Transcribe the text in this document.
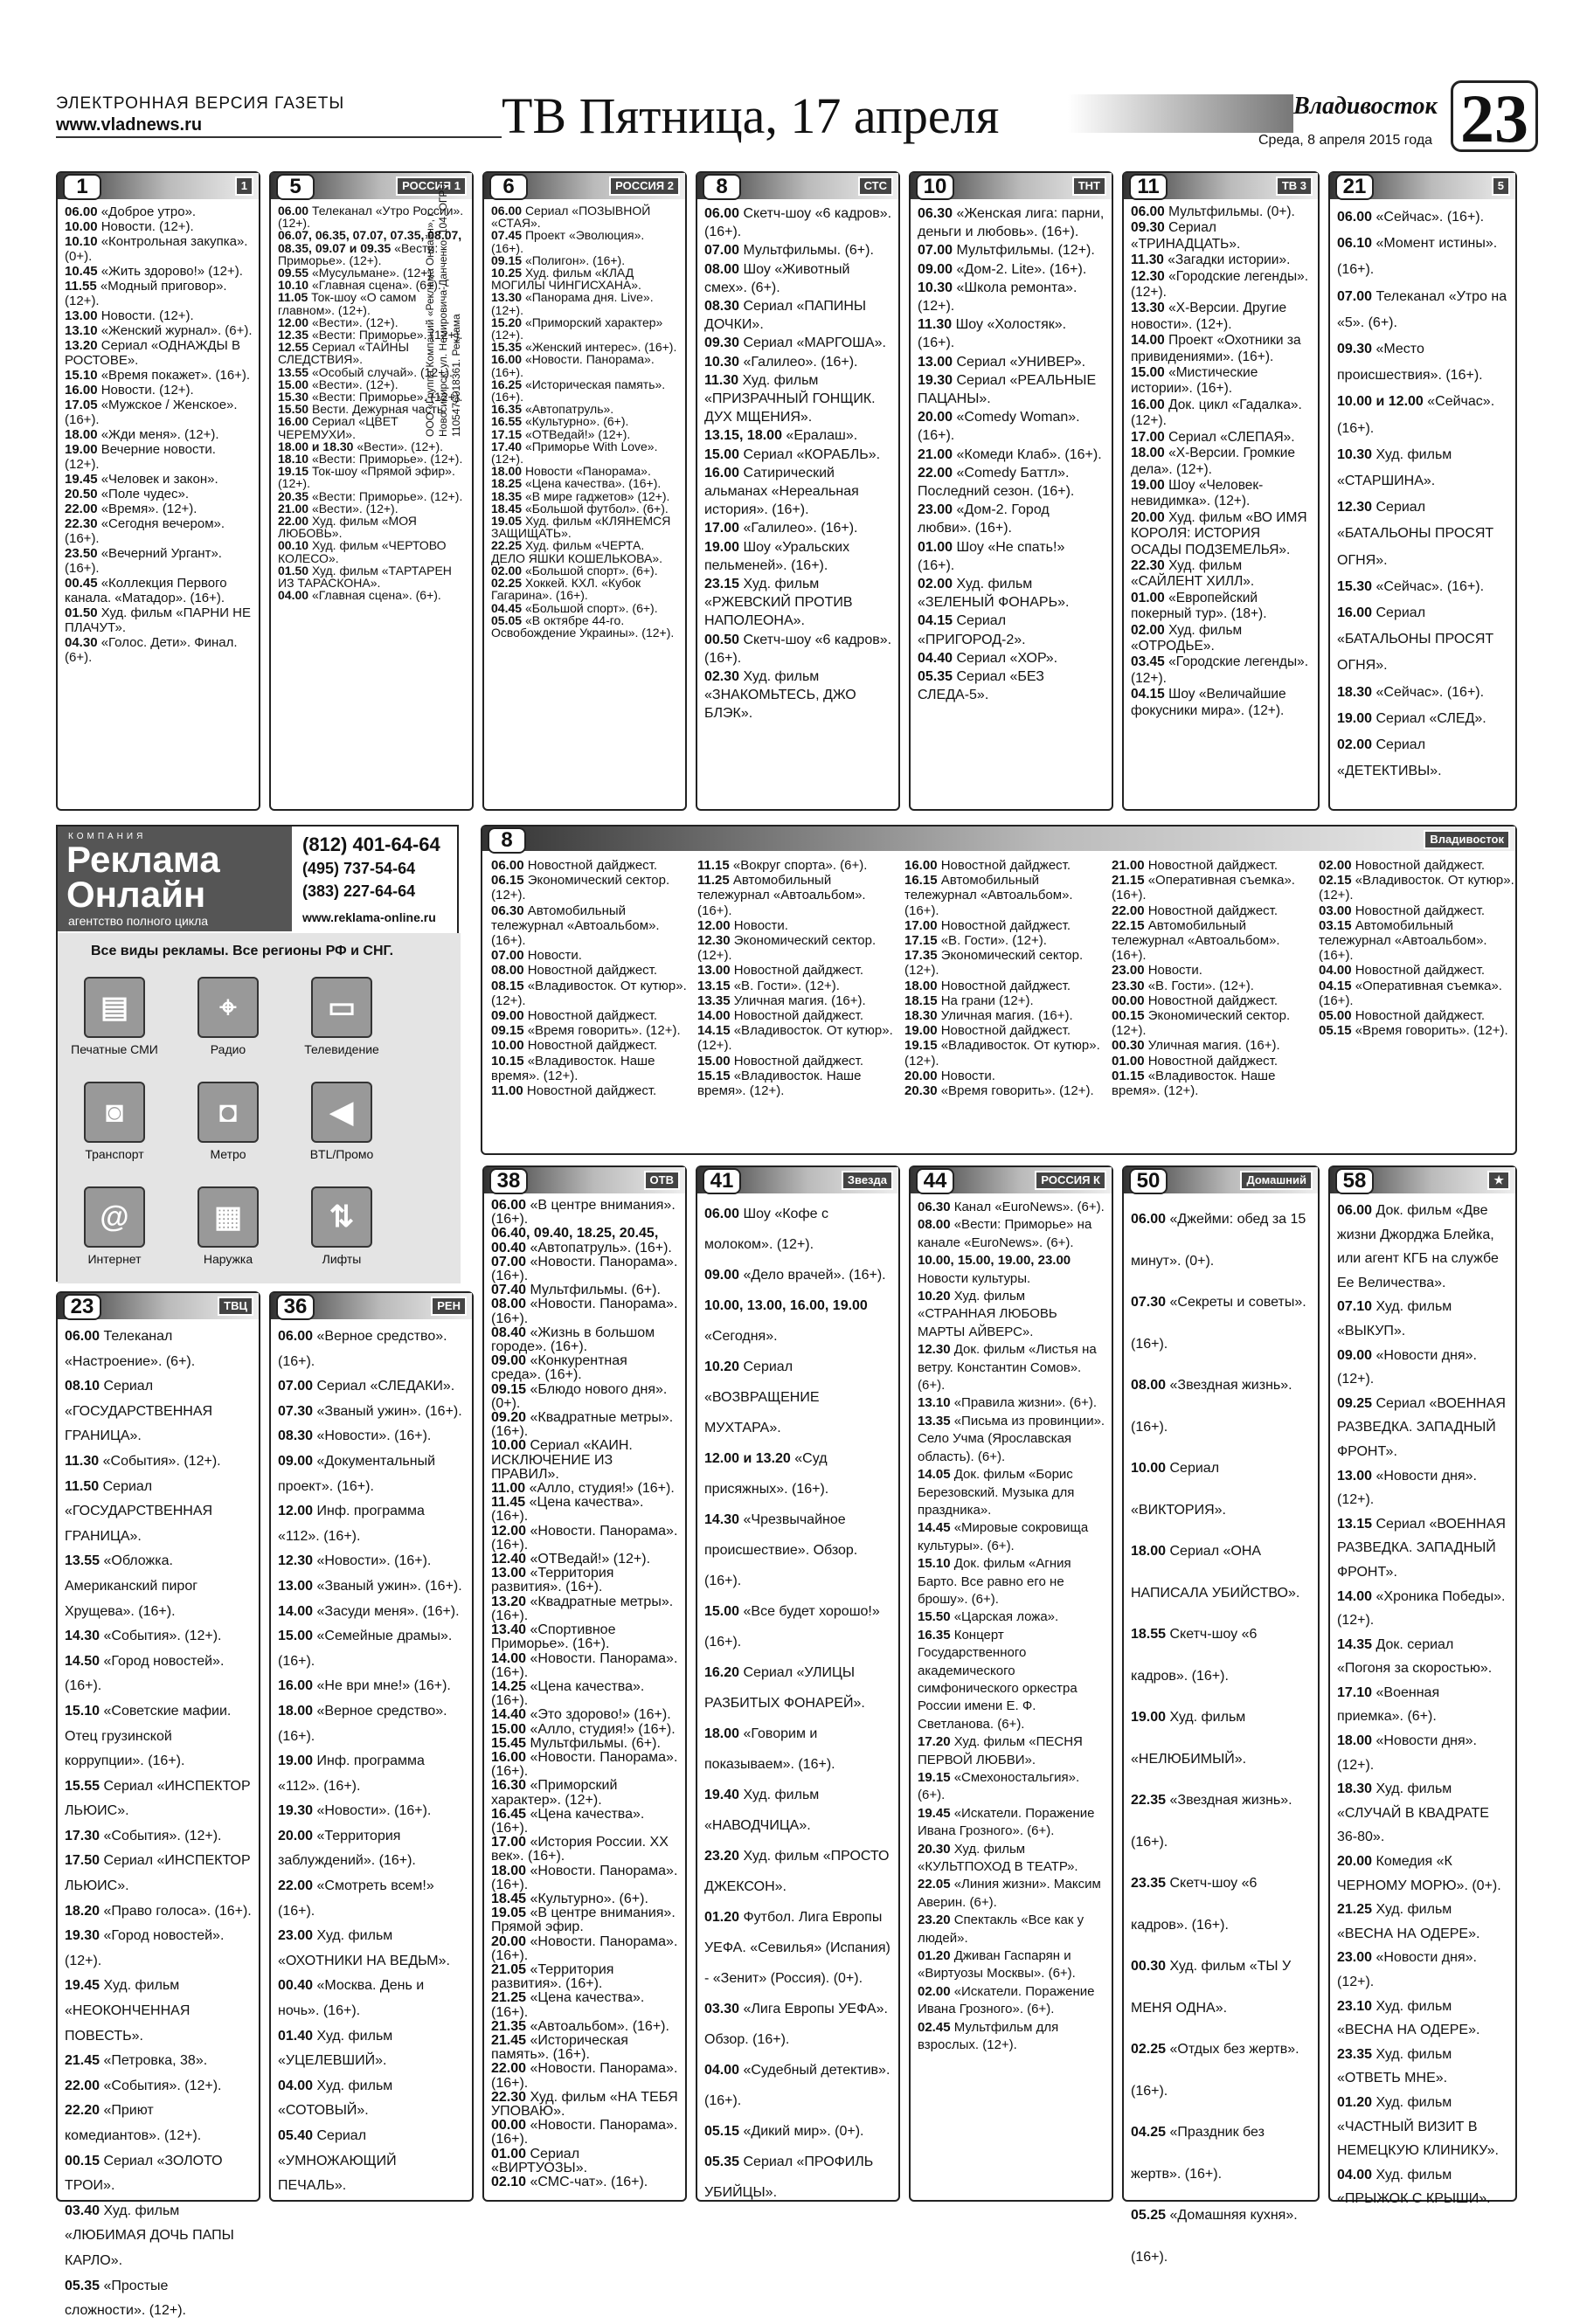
ЭЛЕКТРОННАЯ ВЕРСИЯ ГАЗЕТЫ
www.vladnews.ru	ТВ Пятница, 17 апреля	Владивосток
Среда, 8 апреля 2015 года 23
1	1

06.00 «Доброе утро».

10.00 Новости. (12+).

10.10 «Контрольная закупка». (0+).

10.45 «Жить здорово!» (12+).

11.55 «Модный приговор». (12+).

13.00 Новости. (12+).

13.10 «Женский журнал». (6+).

13.20 Сериал «ОДНАЖДЫ В РОСТОВЕ».

15.10 «Время покажет». (16+).

16.00 Новости. (12+).

17.05 «Мужское / Женское». (16+).

18.00 «Жди меня». (12+).

19.00 Вечерние новости. (12+).

19.45 «Человек и закон».

20.50 «Поле чудес».

22.00 «Время». (12+).

22.30 «Сегодня вечером». (16+).

23.50 «Вечерний Ургант». (16+).

00.45 «Коллекция Первого канала. «Матадор». (16+).

01.50 Худ. фильм «ПАРНИ НЕ ПЛАЧУТ».

04.30 «Голос. Дети». Финал. (6+).

5	РОССИЯ 1

06.00 Телеканал «Утро России». (12+).

06.07, 06.35, 07.07, 07.35, 08.07, 08.35, 09.07 и 09.35 «Вести: Приморье». (12+).

09.55 «Мусульмане». (12+).

10.10 «Главная сцена». (6+).

11.05 Ток-шоу «О самом главном». (12+).

12.00 «Вести». (12+).

12.35 «Вести: Приморье». (12+).

12.55 Сериал «ТАЙНЫ СЛЕДСТВИЯ».

13.55 «Особый случай». (12+).

15.00 «Вести». (12+).

15.30 «Вести: Приморье». (12+).

15.50 Вести. Дежурная часть.

16.00 Сериал «ЦВЕТ ЧЕРЕМУХИ».

18.00 и 18.30 «Вести». (12+).

18.10 «Вести: Приморье». (12+).

19.15 Ток-шоу «Прямой эфир». (12+).

20.35 «Вести: Приморье». (12+).

21.00 «Вести». (12+).

22.00 Худ. фильм «МОЯ ЛЮБОВЬ».

00.10 Худ. фильм «ЧЕРТОВО КОЛЕСО».

01.50 Худ. фильм «ТАРТАРЕН ИЗ ТАРАСКОНА».

04.00 «Главная сцена». (6+).

6	РОССИЯ 2

06.00 Сериал «ПОЗЫВНОЙ «СТАЯ».

07.45 Проект «Эволюция». (16+).

09.15 «Полигон». (16+).

10.25 Худ. фильм «КЛАД МОГИЛЫ ЧИНГИСХАНА».

13.30 «Панорама дня. Live». (12+).

15.20 «Приморский характер» (12+).

15.35 «Женский интерес». (16+).

16.00 «Новости. Панорама». (16+).

16.25 «Историческая память». (16+).

16.35 «Автопатруль».

16.55 «Культурно». (6+).

17.15 «ОТВедай!» (12+).

17.40 «Приморье With Love». (12+).

18.00 Новости «Панорама».

18.25 «Цена качества». (16+).

18.35 «В мире гаджетов» (12+).

18.45 «Большой футбол». (6+).

19.05 Худ. фильм «КЛЯНЕМСЯ ЗАЩИЩАТЬ».

22.25 Худ. фильм «ЧЕРТА. ДЕЛО ЯШКИ КОШЕЛЬКОВА».

02.00 «Большой спорт». (6+).

02.25 Хоккей. КХЛ. «Кубок Гагарина». (16+).

04.45 «Большой спорт». (6+).

05.05 «В октябре 44-го. Освобождение Украины». (12+).

8	СТС

06.00 Скетч-шоу «6 кадров». (16+).

07.00 Мультфильмы. (6+).

08.00 Шоу «Животный смех». (6+).

08.30 Сериал «ПАПИНЫ ДОЧКИ».

09.30 Сериал «МАРГОША».

10.30 «Галилео». (16+).

11.30 Худ. фильм «ПРИЗРАЧНЫЙ ГОНЩИК. ДУХ МЩЕНИЯ».

13.15, 18.00 «Ералаш».

15.00 Сериал «КОРАБЛЬ».

16.00 Сатирический альманах «Нереальная история». (16+).

17.00 «Галилео». (16+).

19.00 Шоу «Уральских пельменей». (16+).

23.15 Худ. фильм «РЖЕВСКИЙ ПРОТИВ НАПОЛЕОНА».

00.50 Скетч-шоу «6 кадров». (16+).

02.30 Худ. фильм «ЗНАКОМЬТЕСЬ, ДЖО БЛЭК».

10	ТНТ

06.30 «Женская лига: парни, деньги и любовь». (16+).

07.00 Мультфильмы. (12+).

09.00 «Дом-2. Lite». (16+).

10.30 «Школа ремонта». (12+).

11.30 Шоу «Холостяк». (16+).

13.00 Сериал «УНИВЕР».

19.30 Сериал «РЕАЛЬНЫЕ ПАЦАНЫ».

20.00 «Comedy Woman». (16+).

21.00 «Комеди Клаб». (16+).

22.00 «Comedy Баттл». Последний сезон. (16+).

23.00 «Дом-2. Город любви». (16+).

01.00 Шоу «Не спать!» (16+).

02.00 Худ. фильм «ЗЕЛЕНЫЙ ФОНАРЬ».

04.15 Сериал «ПРИГОРОД-2».

04.40 Сериал «ХОР».

05.35 Сериал «БЕЗ СЛЕДА-5».

11	ТВ 3

06.00 Мультфильмы. (0+).

09.30 Сериал «ТРИНАДЦАТЬ».

11.30 «Загадки истории».

12.30 «Городские легенды». (12+).

13.30 «Х-Версии. Другие новости». (12+).

14.00 Проект «Охотники за привидениями». (16+).

15.00 «Мистические истории». (16+).

16.00 Док. цикл «Гадалка». (12+).

17.00 Сериал «СЛЕПАЯ».

18.00 «Х-Версии. Громкие дела». (12+).

19.00 Шоу «Человек-невидимка». (12+).

20.00 Худ. фильм «ВО ИМЯ КОРОЛЯ: ИСТОРИЯ ОСАДЫ ПОДЗЕМЕЛЬЯ».

22.30 Худ. фильм «САЙЛЕНТ ХИЛЛ».

01.00 «Европейский покерный тур». (18+).

02.00 Худ. фильм «ОТРОДЬЕ».

03.45 «Городские легенды». (12+).

04.15 Шоу «Величайшие фокусники мира». (12+).

21	5

06.00 «Сейчас». (16+).

06.10 «Момент истины». (16+).

07.00 Телеканал «Утро на «5». (6+).

09.30 «Место происшествия». (16+).

10.00 и 12.00 «Сейчас». (16+).

10.30 Худ. фильм «СТАРШИНА».

12.30 Сериал «БАТАЛЬОНЫ ПРОСЯТ ОГНЯ».

15.30 «Сейчас». (16+).

16.00 Сериал «БАТАЛЬОНЫ ПРОСЯТ ОГНЯ».

18.30 «Сейчас». (16+).

19.00 Сериал «СЛЕД».

02.00 Сериал «ДЕТЕКТИВЫ».

КОМПАНИЯ
Реклама Онлайн
агентство полного цикла
(812) 401-64-64
(495) 737-54-64
(383) 227-64-64
www.reklama-online.ru
Все виды рекламы. Все регионы РФ и СНГ.
▤
Печатные СМИ
⌖
Радио
▭
Телевидение
◙
Транспорт
◘
Метро
◀
BTL/Промо
@
Интернет
▦
Наружка
⇅
Лифты
ООО «Группа Компаний «Реклама Онлайн», г. Новосибирск, ул. Немировича-Данченко, 104, ОГРН 1105476018361. Реклама
8	Владивосток

06.00 Новостной дайджест.

06.15 Экономический сектор. (12+).

06.30 Автомобильный тележурнал «Автоальбом». (16+).

07.00 Новости.

08.00 Новостной дайджест.

08.15 «Владивосток. От кутюр». (12+).

09.00 Новостной дайджест.

09.15 «Время говорить». (12+).

10.00 Новостной дайджест.

10.15 «Владивосток. Наше время». (12+).

11.00 Новостной дайджест.

11.15 «Вокруг спорта». (6+).

11.25 Автомобильный тележурнал «Автоальбом». (16+).

12.00 Новости.

12.30 Экономический сектор. (12+).

13.00 Новостной дайджест.

13.15 «В. Гости». (12+).

13.35 Уличная магия. (16+).

14.00 Новостной дайджест.

14.15 «Владивосток. От кутюр». (12+).

15.00 Новостной дайджест.

15.15 «Владивосток. Наше время». (12+).

16.00 Новостной дайджест.

16.15 Автомобильный тележурнал «Автоальбом». (16+).

17.00 Новостной дайджест.

17.15 «В. Гости». (12+).

17.35 Экономический сектор. (12+).

18.00 Новостной дайджест.

18.15 На грани (12+).

18.30 Уличная магия. (16+).

19.00 Новостной дайджест.

19.15 «Владивосток. От кутюр». (12+).

20.00 Новости.

20.30 «Время говорить». (12+).

21.00 Новостной дайджест.

21.15 «Оперативная съемка». (16+).

22.00 Новостной дайджест.

22.15 Автомобильный тележурнал «Автоальбом». (16+).

23.00 Новости.

23.30 «В. Гости». (12+).

00.00 Новостной дайджест.

00.15 Экономический сектор. (12+).

00.30 Уличная магия. (16+).

01.00 Новостной дайджест.

01.15 «Владивосток. Наше время». (12+).

02.00 Новостной дайджест.

02.15 «Владивосток. От кутюр». (12+).

03.00 Новостной дайджест.

03.15 Автомобильный тележурнал «Автоальбом». (16+).

04.00 Новостной дайджест.

04.15 «Оперативная съемка». (16+).

05.00 Новостной дайджест.

05.15 «Время говорить». (12+).

38	ОТВ

06.00 «В центре внимания». (16+).

06.40, 09.40, 18.25, 20.45, 00.40 «Автопатруль». (16+).

07.00 «Новости. Панорама». (16+).

07.40 Мультфильмы. (6+).

08.00 «Новости. Панорама». (16+).

08.40 «Жизнь в большом городе». (16+).

09.00 «Конкурентная среда». (16+).

09.15 «Блюдо нового дня». (0+).

09.20 «Квадратные метры». (16+).

10.00 Сериал «КАИН. ИСКЛЮЧЕНИЕ ИЗ ПРАВИЛ».

11.00 «Алло, студия!» (16+).

11.45 «Цена качества». (16+).

12.00 «Новости. Панорама». (16+).

12.40 «ОТВедай!» (12+).

13.00 «Территория развития». (16+).

13.20 «Квадратные метры». (16+).

13.40 «Спортивное Приморье». (16+).

14.00 «Новости. Панорама». (16+).

14.25 «Цена качества». (16+).

14.40 «Это здорово!» (16+).

15.00 «Алло, студия!» (16+).

15.45 Мультфильмы. (6+).

16.00 «Новости. Панорама». (16+).

16.30 «Приморский характер». (12+).

16.45 «Цена качества». (16+).

17.00 «История России. XX век». (16+).

18.00 «Новости. Панорама». (16+).

18.45 «Культурно». (6+).

19.05 «В центре внимания». Прямой эфир.

20.00 «Новости. Панорама». (16+).

21.05 «Территория развития». (16+).

21.25 «Цена качества». (16+).

21.35 «Автоальбом». (16+).

21.45 «Историческая память». (16+).

22.00 «Новости. Панорама». (16+).

22.30 Худ. фильм «НА ТЕБЯ УПОВАЮ».

00.00 «Новости. Панорама». (16+).

01.00 Сериал «ВИРТУОЗЫ».

02.10 «СМС-чат». (16+).

41	Звезда

06.00 Шоу «Кофе с молоком». (12+).

09.00 «Дело врачей». (16+).

10.00, 13.00, 16.00, 19.00 «Сегодня».

10.20 Сериал «ВОЗВРАЩЕНИЕ МУХТАРА».

12.00 и 13.20 «Суд присяжных». (16+).

14.30 «Чрезвычайное происшествие». Обзор. (16+).

15.00 «Все будет хорошо!» (16+).

16.20 Сериал «УЛИЦЫ РАЗБИТЫХ ФОНАРЕЙ».

18.00 «Говорим и показываем». (16+).

19.40 Худ. фильм «НАВОДЧИЦА».

23.20 Худ. фильм «ПРОСТО ДЖЕКСОН».

01.20 Футбол. Лига Европы УЕФА. «Севилья» (Испания) - «Зенит» (Россия). (0+).

03.30 «Лига Европы УЕФА». Обзор. (16+).

04.00 «Судебный детектив». (16+).

05.15 «Дикий мир». (0+).

05.35 Сериал «ПРОФИЛЬ УБИЙЦЫ».

44	РОССИЯ К

06.30 Канал «EuroNews». (6+).

08.00 «Вести: Приморье» на канале «EuroNews». (6+).

10.00, 15.00, 19.00, 23.00 Новости культуры.

10.20 Худ. фильм «СТРАННАЯ ЛЮБОВЬ МАРТЫ АЙВЕРС».

12.30 Док. фильм «Листья на ветру. Константин Сомов». (6+).

13.10 «Правила жизни». (6+).

13.35 «Письма из провинции». Село Учма (Ярославская область). (6+).

14.05 Док. фильм «Борис Березовский. Музыка для праздника».

14.45 «Мировые сокровища культуры». (6+).

15.10 Док. фильм «Агния Барто. Все равно его не брошу». (6+).

15.50 «Царская ложа».

16.35 Концерт Государственного академического симфонического оркестра России имени Е. Ф. Светланова. (6+).

17.20 Худ. фильм «ПЕСНЯ ПЕРВОЙ ЛЮБВИ».

19.15 «Смехоностальгия». (6+).

19.45 «Искатели. Поражение Ивана Грозного». (6+).

20.30 Худ. фильм «КУЛЬТПОХОД В ТЕАТР».

22.05 «Линия жизни». Максим Аверин. (6+).

23.20 Спектакль «Все как у людей».

01.20 Дживан Гаспарян и «Виртуозы Москвы». (6+).

02.00 «Искатели. Поражение Ивана Грозного». (6+).

02.45 Мультфильм для взрослых. (12+).

50	Домашний

06.00 «Джейми: обед за 15 минут». (0+).

07.30 «Секреты и советы». (16+).

08.00 «Звездная жизнь». (16+).

10.00 Сериал «ВИКТОРИЯ».

18.00 Сериал «ОНА НАПИСАЛА УБИЙСТВО».

18.55 Скетч-шоу «6 кадров». (16+).

19.00 Худ. фильм «НЕЛЮБИМЫЙ».

22.35 «Звездная жизнь». (16+).

23.35 Скетч-шоу «6 кадров». (16+).

00.30 Худ. фильм «ТЫ У МЕНЯ ОДНА».

02.25 «Отдых без жертв». (16+).

04.25 «Праздник без жертв». (16+).

05.25 «Домашняя кухня». (16+).

58	★

06.00 Док. фильм «Две жизни Джорджа Блейка, или агент КГБ на службе Ее Величества».

07.10 Худ. фильм «ВЫКУП».

09.00 «Новости дня». (12+).

09.25 Сериал «ВОЕННАЯ РАЗВЕДКА. ЗАПАДНЫЙ ФРОНТ».

13.00 «Новости дня». (12+).

13.15 Сериал «ВОЕННАЯ РАЗВЕДКА. ЗАПАДНЫЙ ФРОНТ».

14.00 «Хроника Победы». (12+).

14.35 Док. сериал «Погоня за скоростью».

17.10 «Военная приемка». (6+).

18.00 «Новости дня». (12+).

18.30 Худ. фильм «СЛУЧАЙ В КВАДРАТЕ 36-80».

20.00 Комедия «К ЧЕРНОМУ МОРЮ». (0+).

21.25 Худ. фильм «ВЕСНА НА ОДЕРЕ».

23.00 «Новости дня». (12+).

23.10 Худ. фильм «ВЕСНА НА ОДЕРЕ».

23.35 Худ. фильм «ОТВЕТЬ МНЕ».

01.20 Худ. фильм «ЧАСТНЫЙ ВИЗИТ В НЕМЕЦКУЮ КЛИНИКУ».

04.00 Худ. фильм «ПРЫЖОК С КРЫШИ».

23	ТВЦ

06.00 Телеканал «Настроение». (6+).

08.10 Сериал «ГОСУДАРСТВЕННАЯ ГРАНИЦА».

11.30 «События». (12+).

11.50 Сериал «ГОСУДАРСТВЕННАЯ ГРАНИЦА».

13.55 «Обложка. Американский пирог Хрущева». (16+).

14.30 «События». (12+).

14.50 «Город новостей». (16+).

15.10 «Советские мафии. Отец грузинской коррупции». (16+).

15.55 Сериал «ИНСПЕКТОР ЛЬЮИС».

17.30 «События». (12+).

17.50 Сериал «ИНСПЕКТОР ЛЬЮИС».

18.20 «Право голоса». (16+).

19.30 «Город новостей». (12+).

19.45 Худ. фильм «НЕОКОНЧЕННАЯ ПОВЕСТЬ».

21.45 «Петровка, 38».

22.00 «События». (12+).

22.20 «Приют комедиантов». (12+).

00.15 Сериал «ЗОЛОТО ТРОИ».

03.40 Худ. фильм «ЛЮБИМАЯ ДОЧЬ ПАПЫ КАРЛО».

05.35 «Простые сложности». (12+).

36	РЕН

06.00 «Верное средство». (16+).

07.00 Сериал «СЛЕДАКИ».

07.30 «Званый ужин». (16+).

08.30 «Новости». (16+).

09.00 «Документальный проект». (16+).

12.00 Инф. программа «112». (16+).

12.30 «Новости». (16+).

13.00 «Званый ужин». (16+).

14.00 «Засуди меня». (16+).

15.00 «Семейные драмы». (16+).

16.00 «Не ври мне!» (16+).

18.00 «Верное средство». (16+).

19.00 Инф. программа «112». (16+).

19.30 «Новости». (16+).

20.00 «Территория заблуждений». (16+).

22.00 «Смотреть всем!» (16+).

23.00 Худ. фильм «ОХОТНИКИ НА ВЕДЬМ».

00.40 «Москва. День и ночь». (16+).

01.40 Худ. фильм «УЦЕЛЕВШИЙ».

04.00 Худ. фильм «СОТОВЫЙ».

05.40 Сериал «УМНОЖАЮЩИЙ ПЕЧАЛЬ».
